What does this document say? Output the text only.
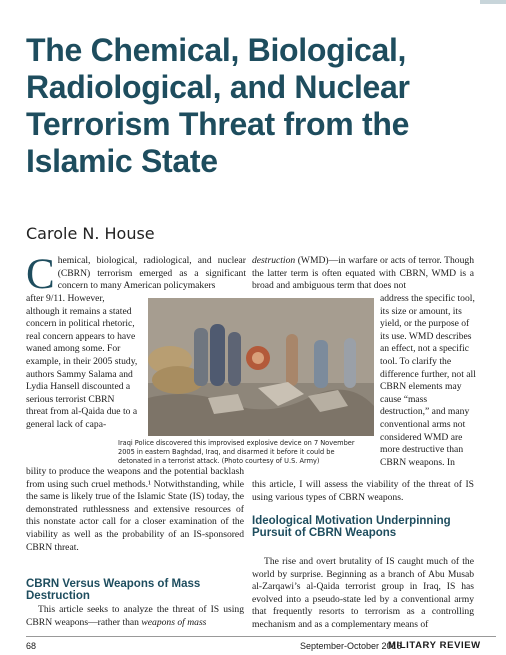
The Chemical, Biological, Radiological, and Nuclear Terrorism Threat from the Islamic State
Carole N. House
Chemical, biological, radiological, and nuclear (CBRN) terrorism emerged as a significant concern to many American policymakers
after 9/11. However, although it remains a stated concern in political rhetoric, real concern appears to have waned among some. For example, in their 2005 study, authors Sammy Salama and Lydia Hansell discounted a serious terrorist CBRN threat from al-Qaida due to a general lack of capa-
bility to produce the weapons and the potential backlash from using such cruel methods.¹ Notwithstanding, while the same is likely true of the Islamic State (IS) today, the demonstrated ruthlessness and extensive resources of this nonstate actor call for a closer examination of the viability as well as the probability of an IS-sponsored CBRN threat.
CBRN Versus Weapons of Mass Destruction
This article seeks to analyze the threat of IS using CBRN weapons—rather than weapons of mass
destruction (WMD)—in warfare or acts of terror. Though the latter term is often equated with CBRN, WMD is a broad and ambiguous term that does not
address the specific tool, its size or amount, its yield, or the purpose of its use. WMD describes an effect, not a specific tool. To clarify the difference further, not all CBRN elements may cause “mass destruction,” and many conventional arms not considered WMD are more destructive than CBRN weapons. In
this article, I will assess the viability of the threat of IS using various types of CBRN weapons.
Ideological Motivation Underpinning Pursuit of CBRN Weapons
The rise and overt brutality of IS caught much of the world by surprise. Beginning as a branch of Abu Musab al-Zarqawi’s al-Qaida terrorist group in Iraq, IS has evolved into a pseudo-state led by a conventional army that frequently resorts to terrorism as a controlling mechanism and as a complementary means of
Iraqi Police discovered this improvised explosive device on 7 November 2005 in eastern Baghdad, Iraq, and disarmed it before it could be detonated in a terrorist attack. (Photo courtesy of U.S. Army)
68	September-October 2016
MILITARY REVIEW
